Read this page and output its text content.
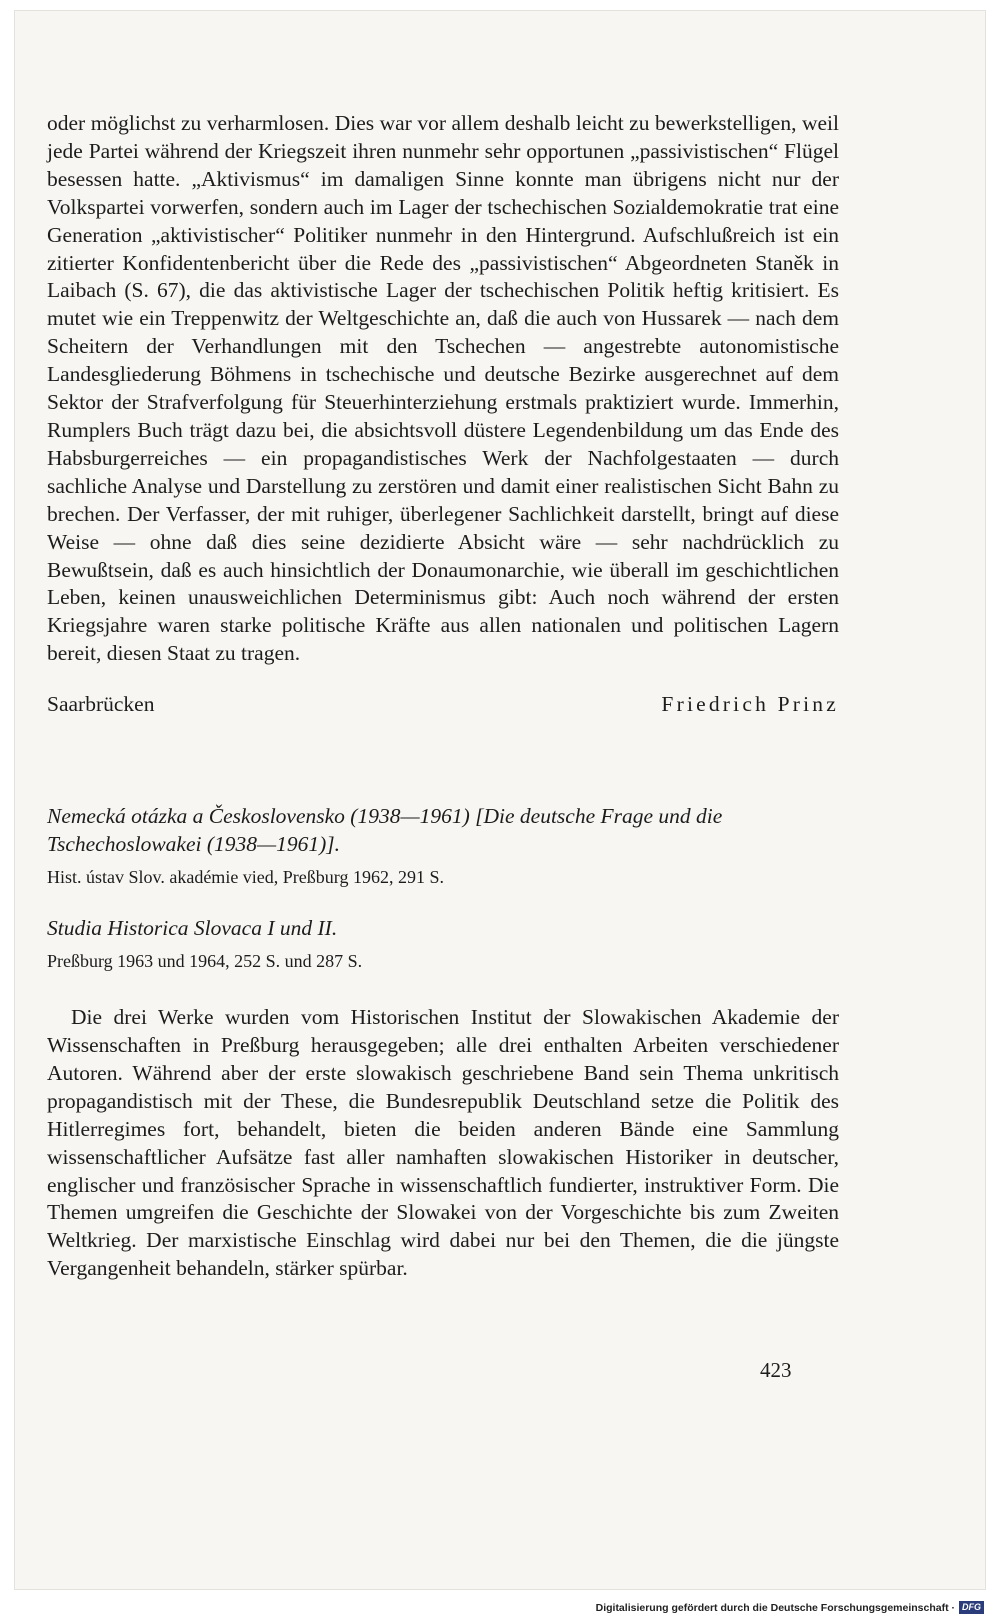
oder möglichst zu verharmlosen. Dies war vor allem deshalb leicht zu bewerkstelligen, weil jede Partei während der Kriegszeit ihren nunmehr sehr opportunen „passivistischen“ Flügel besessen hatte. „Aktivismus“ im damaligen Sinne konnte man übrigens nicht nur der Volkspartei vorwerfen, sondern auch im Lager der tschechischen Sozialdemokratie trat eine Generation „aktivistischer“ Politiker nunmehr in den Hintergrund. Aufschlußreich ist ein zitierter Konfidentenbericht über die Rede des „passivistischen“ Abgeordneten Staněk in Laibach (S. 67), die das aktivistische Lager der tschechischen Politik heftig kritisiert. Es mutet wie ein Treppenwitz der Weltgeschichte an, daß die auch von Hussarek — nach dem Scheitern der Verhandlungen mit den Tschechen — angestrebte autonomistische Landesgliederung Böhmens in tschechische und deutsche Bezirke ausgerechnet auf dem Sektor der Strafverfolgung für Steuerhinterziehung erstmals praktiziert wurde. Immerhin, Rumplers Buch trägt dazu bei, die absichtsvoll düstere Legendenbildung um das Ende des Habsburgerreiches — ein propagandistisches Werk der Nachfolgestaaten — durch sachliche Analyse und Darstellung zu zerstören und damit einer realistischen Sicht Bahn zu brechen. Der Verfasser, der mit ruhiger, überlegener Sachlichkeit darstellt, bringt auf diese Weise — ohne daß dies seine dezidierte Absicht wäre — sehr nachdrücklich zu Bewußtsein, daß es auch hinsichtlich der Donaumonarchie, wie überall im geschichtlichen Leben, keinen unausweichlichen Determinismus gibt: Auch noch während der ersten Kriegsjahre waren starke politische Kräfte aus allen nationalen und politischen Lagern bereit, diesen Staat zu tragen.

Saarbrücken	Friedrich Prinz

Nemecká otázka a Československo (1938—1961) [Die deutsche Frage und die Tschechoslowakei (1938—1961)].

Hist. ústav Slov. akadémie vied, Preßburg 1962, 291 S.

Studia Historica Slovaca I und II.

Preßburg 1963 und 1964, 252 S. und 287 S.

Die drei Werke wurden vom Historischen Institut der Slowakischen Akademie der Wissenschaften in Preßburg herausgegeben; alle drei enthalten Arbeiten verschiedener Autoren. Während aber der erste slowakisch geschriebene Band sein Thema unkritisch propagandistisch mit der These, die Bundesrepublik Deutschland setze die Politik des Hitlerregimes fort, behandelt, bieten die beiden anderen Bände eine Sammlung wissenschaftlicher Aufsätze fast aller namhaften slowakischen Historiker in deutscher, englischer und französischer Sprache in wissenschaftlich fundierter, instruktiver Form. Die Themen umgreifen die Geschichte der Slowakei von der Vorgeschichte bis zum Zweiten Weltkrieg. Der marxistische Einschlag wird dabei nur bei den Themen, die die jüngste Vergangenheit behandeln, stärker spürbar.

423
Digitalisierung gefördert durch die Deutsche Forschungsgemeinschaft · DFG
